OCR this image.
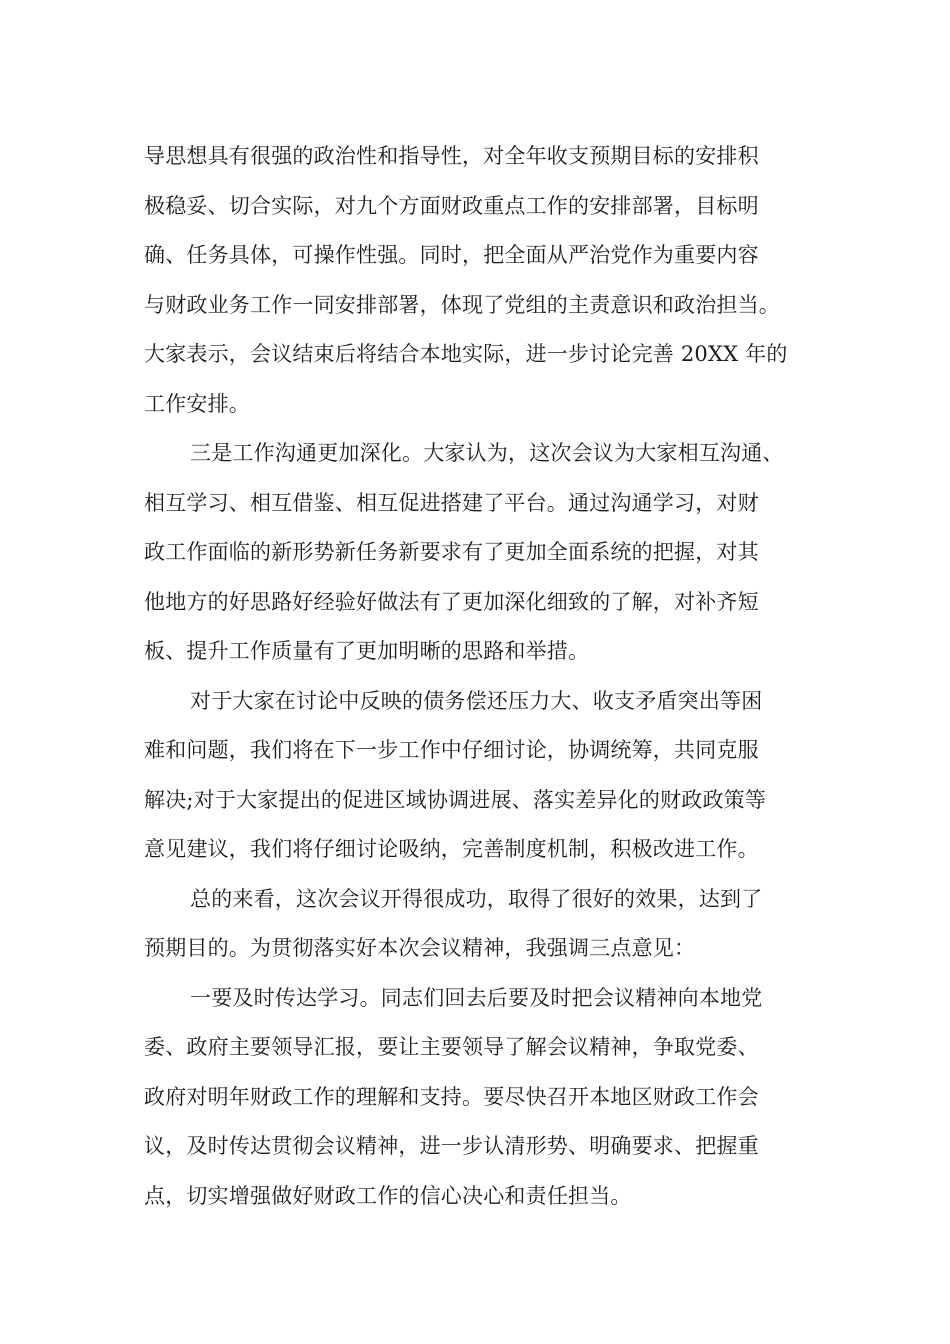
导思想具有很强的政治性和指导性，对全年收支预期目标的安排积
极稳妥、切合实际，对九个方面财政重点工作的安排部署，目标明
确、任务具体，可操作性强。同时，把全面从严治党作为重要内容
与财政业务工作一同安排部署，体现了党组的主责意识和政治担当。
大家表示，会议结束后将结合本地实际，进一步讨论完善 20XX 年的
工作安排。
三是工作沟通更加深化。大家认为，这次会议为大家相互沟通、
相互学习、相互借鉴、相互促进搭建了平台。通过沟通学习，对财
政工作面临的新形势新任务新要求有了更加全面系统的把握，对其
他地方的好思路好经验好做法有了更加深化细致的了解，对补齐短
板、提升工作质量有了更加明晰的思路和举措。
对于大家在讨论中反映的债务偿还压力大、收支矛盾突出等困
难和问题，我们将在下一步工作中仔细讨论，协调统筹，共同克服
解决;对于大家提出的促进区域协调进展、落实差异化的财政政策等
意见建议，我们将仔细讨论吸纳，完善制度机制，积极改进工作。
总的来看，这次会议开得很成功，取得了很好的效果，达到了
预期目的。为贯彻落实好本次会议精神，我强调三点意见：
一要及时传达学习。同志们回去后要及时把会议精神向本地党
委、政府主要领导汇报，要让主要领导了解会议精神，争取党委、
政府对明年财政工作的理解和支持。要尽快召开本地区财政工作会
议，及时传达贯彻会议精神，进一步认清形势、明确要求、把握重
点，切实增强做好财政工作的信心决心和责任担当。
